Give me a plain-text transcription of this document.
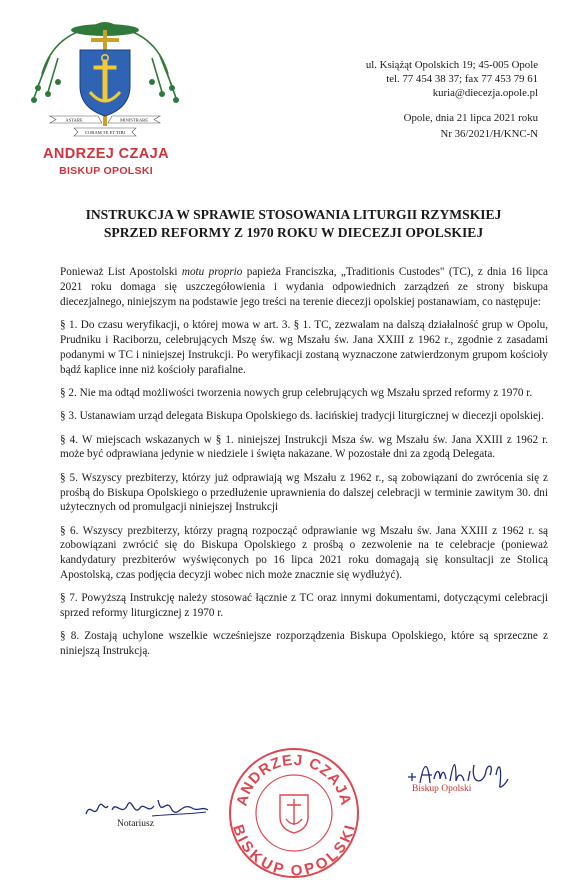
ASTARE	MINISTRARE
CORAM TE ET TIBI
ANDRZEJ CZAJA
BISKUP OPOLSKI
ul. Książąt Opolskich 19; 45-005 Opole
tel. 77 454 38 37; fax 77 453 79 61
kuria@diecezja.opole.pl
Opole, dnia 21 lipca 2021 roku
Nr 36/2021/H/KNC-N
INSTRUKCJA W SPRAWIE STOSOWANIA LITURGII RZYMSKIEJ
SPRZED REFORMY Z 1970 ROKU W DIECEZJI OPOLSKIEJ

Ponieważ List Apostolski motu proprio papieża Franciszka, „Traditionis Custodes" (TC), z dnia 16 lipca 2021 roku domaga się uszczegółowienia i wydania odpowiednich zarządzeń ze strony biskupa diecezjalnego, niniejszym na podstawie jego treści na terenie diecezji opolskiej postanawiam, co następuje:

§ 1. Do czasu weryfikacji, o której mowa w art. 3. § 1. TC, zezwalam na dalszą działalność grup w Opolu, Prudniku i Raciborzu, celebrujących Mszę św. wg Mszału św. Jana XXIII z 1962 r., zgodnie z zasadami podanymi w TC i niniejszej Instrukcji. Po weryfikacji zostaną wyznaczone zatwierdzonym grupom kościoły bądź kaplice inne niż kościoły parafialne.

§ 2. Nie ma odtąd możliwości tworzenia nowych grup celebrujących wg Mszału sprzed reformy z 1970 r.

§ 3. Ustanawiam urząd delegata Biskupa Opolskiego ds. łacińskiej tradycji liturgicznej w diecezji opolskiej.

§ 4. W miejscach wskazanych w § 1. niniejszej Instrukcji Msza św. wg Mszału św. Jana XXIII z 1962 r. może być odprawiana jedynie w niedziele i święta nakazane. W pozostałe dni za zgodą Delegata.

§ 5. Wszyscy prezbiterzy, którzy już odprawiają wg Mszału z 1962 r., są zobowiązani do zwrócenia się z prośbą do Biskupa Opolskiego o przedłużenie uprawnienia do dalszej celebracji w terminie zawitym 30. dni użytecznych od promulgacji niniejszej Instrukcji

§ 6. Wszyscy prezbiterzy, którzy pragną rozpocząć odprawianie wg Mszału św. Jana XXIII z 1962 r. są zobowiązani zwrócić się do Biskupa Opolskiego z prośbą o zezwolenie na te celebracje (ponieważ kandydatury prezbiterów wyświęconych po 16 lipca 2021 roku domagają się konsultacji ze Stolicą Apostolską, czas podjęcia decyzji wobec nich może znacznie się wydłużyć).

§ 7. Powyższą Instrukcję należy stosować łącznie z TC oraz innymi dokumentami, dotyczącymi celebracji sprzed reformy liturgicznej z 1970 r.

§ 8. Zostają uchylone wszelkie wcześniejsze rozporządzenia Biskupa Opolskiego, które są sprzeczne z niniejszą Instrukcją.

Notariusz
ANDRZEJ CZAJA
BISKUP OPOLSKI
Biskup Opolski
